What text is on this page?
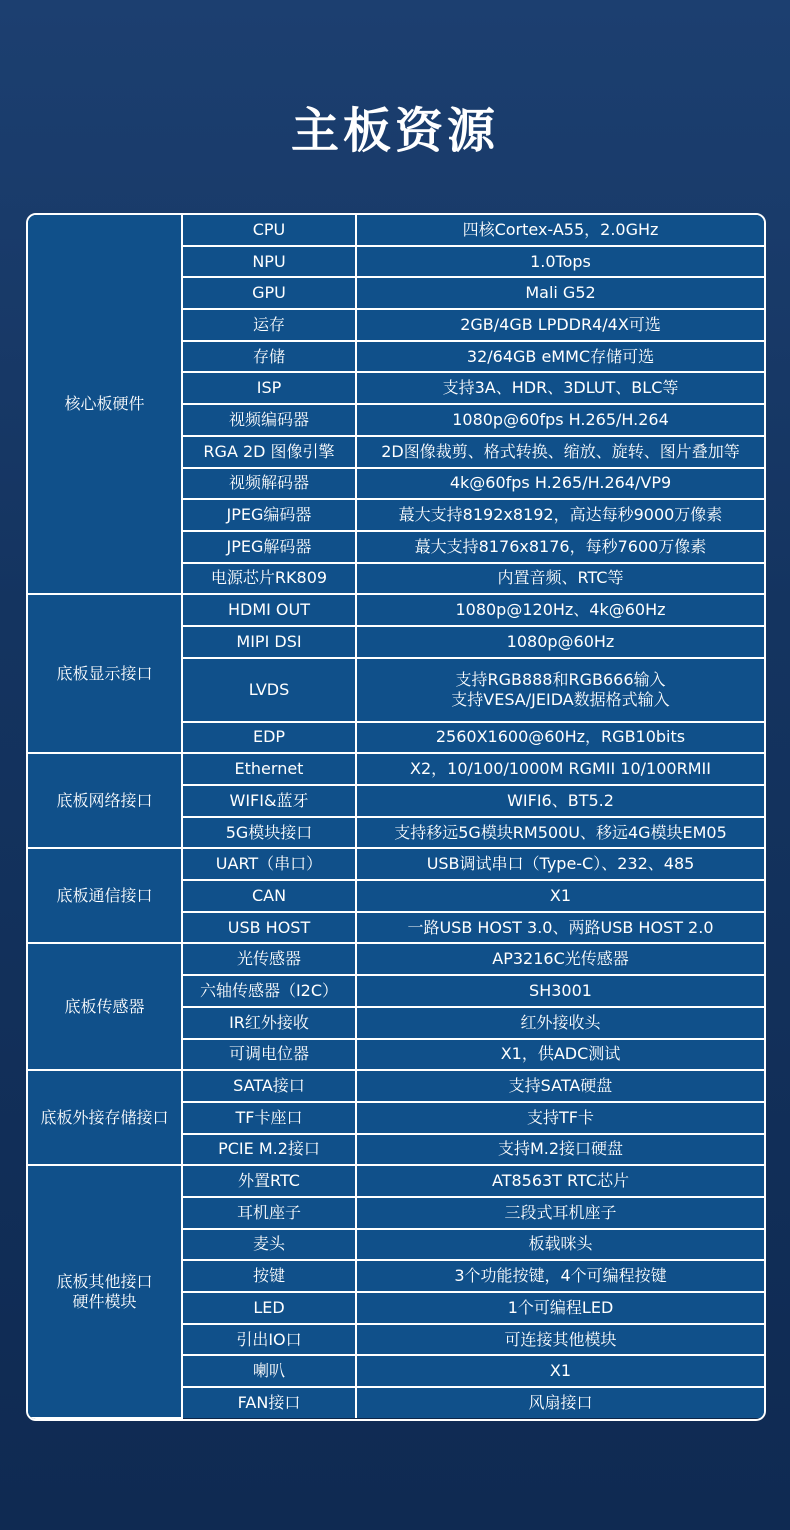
主板资源
核心板硬件	CPU	四核Cortex-A55，2.0GHz

	NPU	1.0Tops

	GPU	Mali G52

	运存	2GB/4GB LPDDR4/4X可选

	存储	32/64GB eMMC存储可选

	ISP	支持3A、HDR、3DLUT、BLC等

	视频编码器	1080p@60fps H.265/H.264

	RGA 2D 图像引擎	2D图像裁剪、格式转换、缩放、旋转、图片叠加等

	视频解码器	4k@60fps H.265/H.264/VP9

	JPEG编码器	蕞大支持8192x8192，高达每秒9000万像素

	JPEG解码器	蕞大支持8176x8176，每秒7600万像素

	电源芯片RK809	内置音频、RTC等

底板显示接口	HDMI OUT	1080p@120Hz、4k@60Hz

	MIPI DSI	1080p@60Hz

	LVDS	支持RGB888和RGB666输入
支持VESA/JEIDA数据格式输入

	EDP	2560X1600@60Hz，RGB10bits

底板网络接口	Ethernet	X2，10/100/1000M RGMII 10/100RMII

	WIFI&蓝牙	WIFI6、BT5.2

	5G模块接口	支持移远5G模块RM500U、移远4G模块EM05

底板通信接口	UART（串口）	USB调试串口（Type-C）、232、485

	CAN	X1

	USB HOST	一路USB HOST 3.0、两路USB HOST 2.0

底板传感器	光传感器	AP3216C光传感器

	六轴传感器（I2C）	SH3001

	IR红外接收	红外接收头

	可调电位器	X1，供ADC测试

底板外接存储接口	SATA接口	支持SATA硬盘

	TF卡座口	支持TF卡

	PCIE M.2接口	支持M.2接口硬盘

底板其他接口
硬件模块	外置RTC	AT8563T RTC芯片

	耳机座子	三段式耳机座子

	麦头	板载咪头

	按键	3个功能按键，4个可编程按键

	LED	1个可编程LED

	引出IO口	可连接其他模块

	喇叭	X1

	FAN接口	风扇接口
